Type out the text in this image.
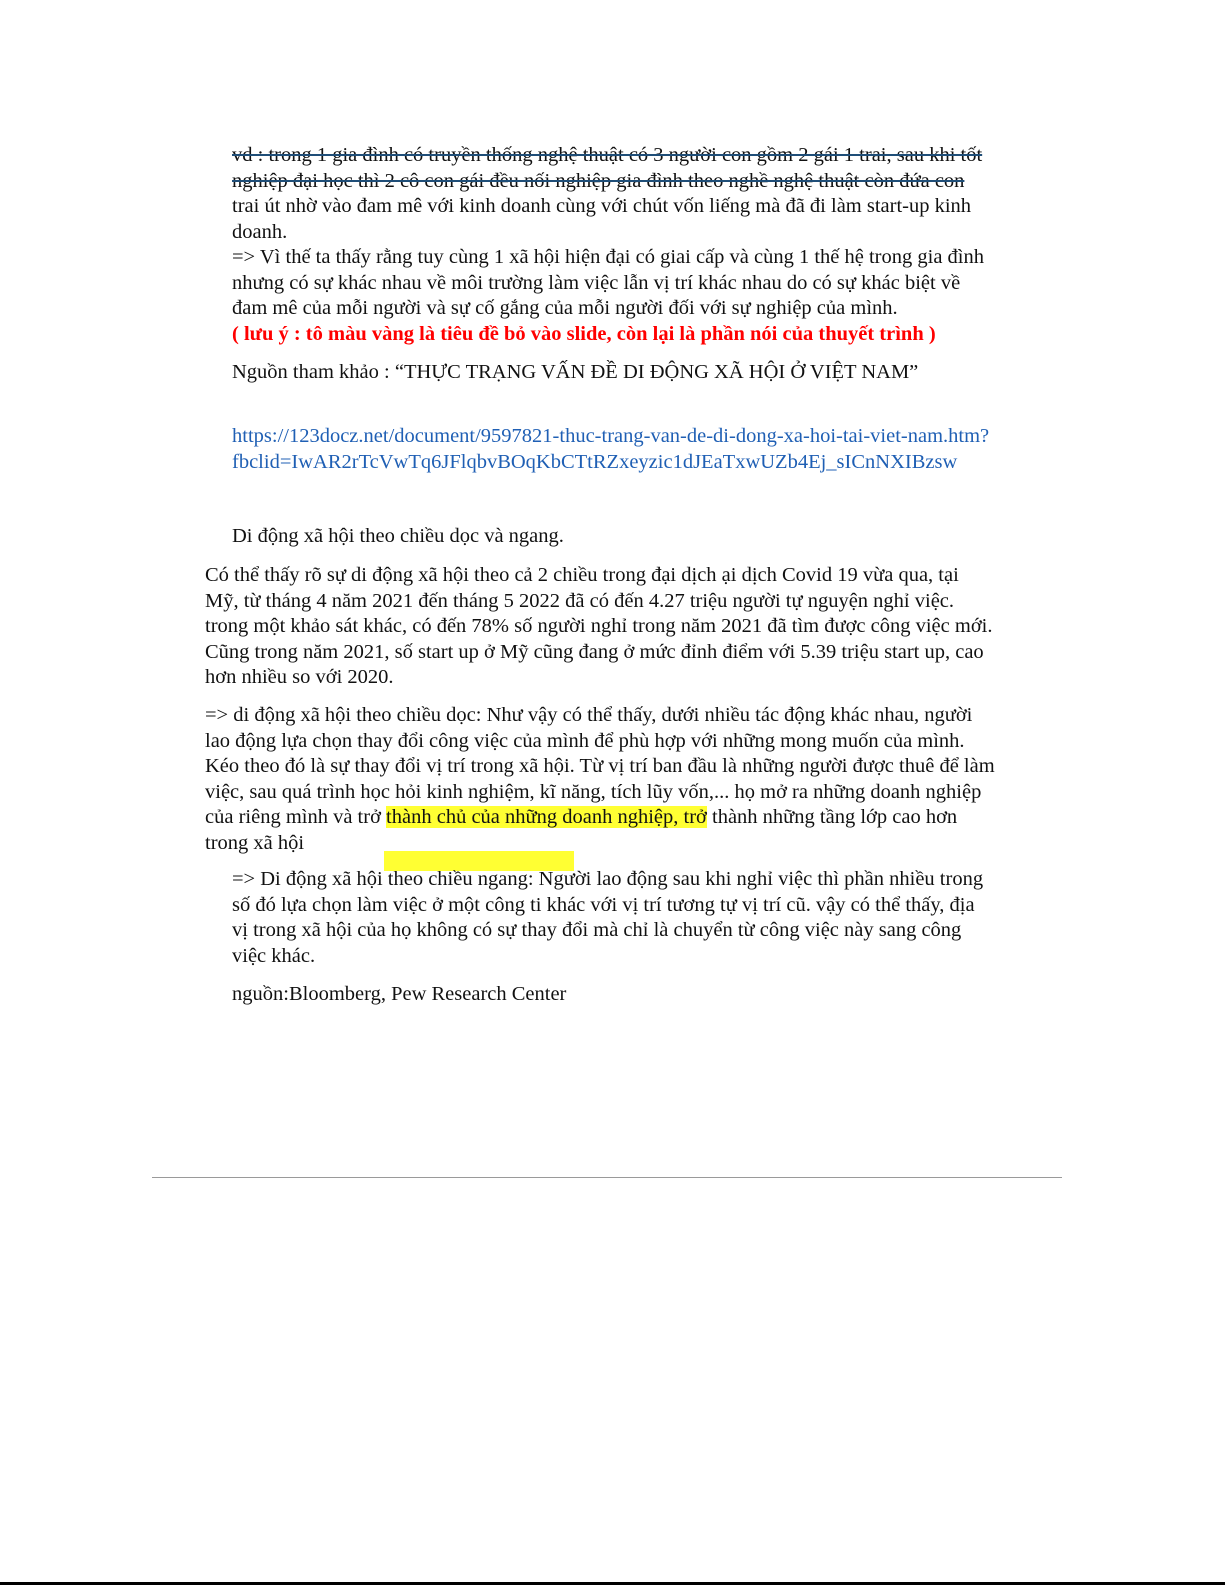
vd : trong 1 gia đình có truyền thống nghệ thuật có 3 người con gồm 2 gái 1 trai, sau khi tốt
nghiệp đại học thì 2 cô con gái đều nối nghiệp gia đình theo nghề nghệ thuật còn đứa con
trai út nhờ vào đam mê với kinh doanh cùng với chút vốn liếng mà đã đi làm start-up kinh
doanh.

=> Vì thế ta thấy rằng tuy cùng 1 xã hội hiện đại có giai cấp và cùng 1 thế hệ trong gia đình
nhưng có sự khác nhau về môi trường làm việc lẫn vị trí khác nhau do có sự khác biệt về
đam mê của mỗi người và sự cố gắng của mỗi người đối với sự nghiệp của mình.

( lưu ý : tô màu vàng là tiêu đề bỏ vào slide, còn lại là phần nói của thuyết trình )

Nguồn tham khảo : “THỰC TRẠNG VẤN ĐỀ DI ĐỘNG XÃ HỘI Ở VIỆT NAM”

https://123docz.net/document/9597821-thuc-trang-van-de-di-dong-xa-hoi-tai-viet-nam.htm?
fbclid=IwAR2rTcVwTq6JFlqbvBOqKbCTtRZxeyzic1dJEaTxwUZb4Ej_sICnNXIBzsw

Di động xã hội theo chiều dọc và ngang.

Có thể thấy rõ sự di động xã hội theo cả 2 chiều trong đại dịch ại dịch Covid 19 vừa qua, tại
Mỹ, từ tháng 4 năm 2021 đến tháng 5 2022 đã có đến 4.27 triệu người tự nguyện nghỉ việc.
trong một khảo sát khác, có đến 78% số người nghỉ trong năm 2021 đã tìm được công việc mới.
Cũng trong năm 2021, số start up ở Mỹ cũng đang ở mức đỉnh điểm với 5.39 triệu start up, cao
hơn nhiều so với 2020.

=> di động xã hội theo chiều dọc: Như vậy có thể thấy, dưới nhiều tác động khác nhau, người
lao động lựa chọn thay đổi công việc của mình để phù hợp với những mong muốn của mình.
Kéo theo đó là sự thay đổi vị trí trong xã hội. Từ vị trí ban đầu là những người được thuê để làm
việc, sau quá trình học hỏi kinh nghiệm, kĩ năng, tích lũy vốn,... họ mở ra những doanh nghiệp
của riêng mình và trở thành chủ của những doanh nghiệp, trở thành những tầng lớp cao hơn
trong xã hội

=> Di động xã hội theo chiều ngang: Người lao động sau khi nghỉ việc thì phần nhiều trong
số đó lựa chọn làm việc ở một công ti khác với vị trí tương tự vị trí cũ. vậy có thể thấy, địa
vị trong xã hội của họ không có sự thay đổi mà chỉ là chuyển từ công việc này sang công
việc khác.

nguồn:Bloomberg, Pew Research Center
